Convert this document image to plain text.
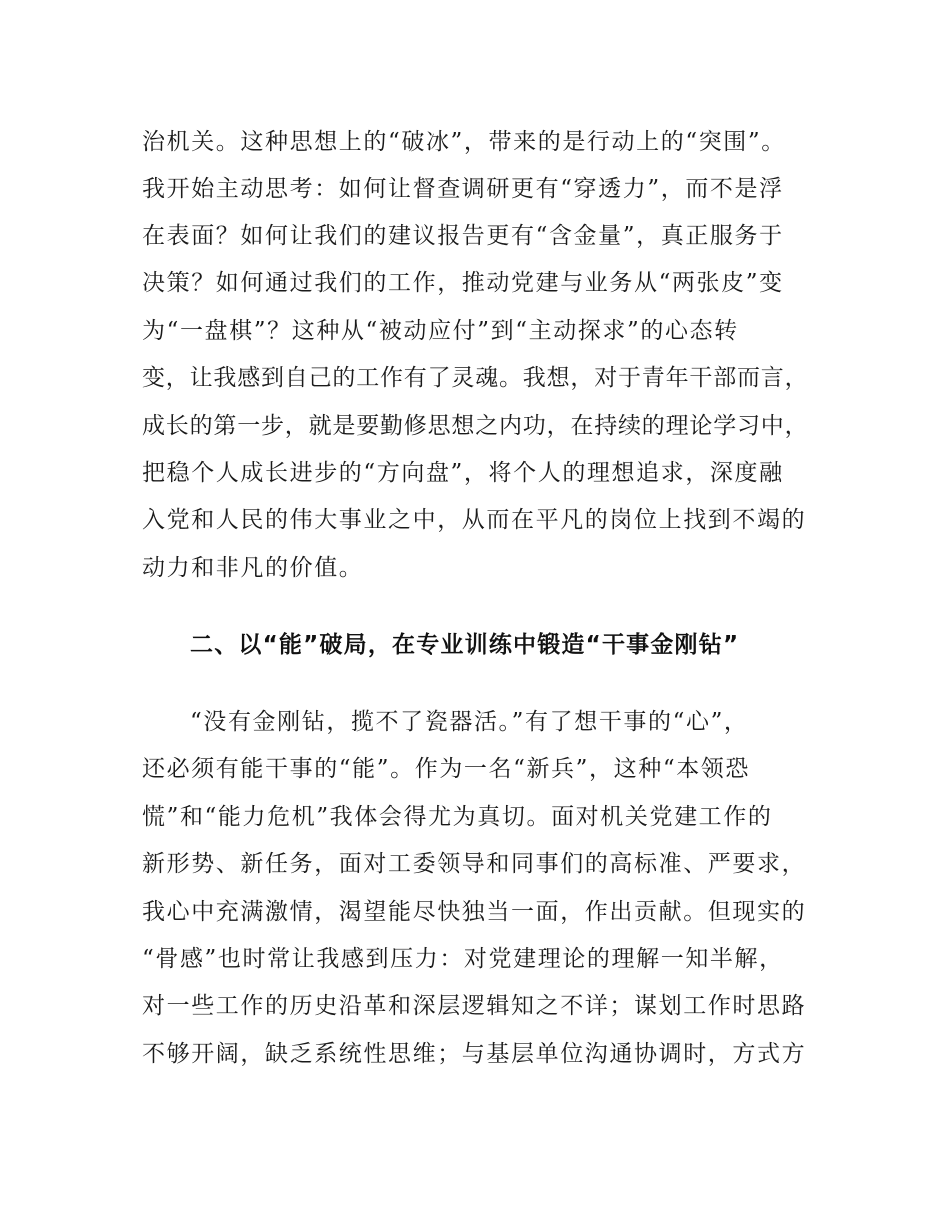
治机关。这种思想上的“破冰”，带来的是行动上的“突围”。
我开始主动思考：如何让督查调研更有“穿透力”，而不是浮
在表面？如何让我们的建议报告更有“含金量”，真正服务于
决策？如何通过我们的工作，推动党建与业务从“两张皮”变
为“一盘棋”？这种从“被动应付”到“主动探求”的心态转
变，让我感到自己的工作有了灵魂。我想，对于青年干部而言，
成长的第一步，就是要勤修思想之内功，在持续的理论学习中，
把稳个人成长进步的“方向盘”，将个人的理想追求，深度融
入党和人民的伟大事业之中，从而在平凡的岗位上找到不竭的
动力和非凡的价值。
二、以“能”破局，在专业训练中锻造“干事金刚钻”
“没有金刚钻，揽不了瓷器活。”有了想干事的“心”，
还必须有能干事的“能”。作为一名“新兵”，这种“本领恐
慌”和“能力危机”我体会得尤为真切。面对机关党建工作的
新形势、新任务，面对工委领导和同事们的高标准、严要求，
我心中充满激情，渴望能尽快独当一面，作出贡献。但现实的
“骨感”也时常让我感到压力：对党建理论的理解一知半解，
对一些工作的历史沿革和深层逻辑知之不详；谋划工作时思路
不够开阔，缺乏系统性思维；与基层单位沟通协调时，方式方
